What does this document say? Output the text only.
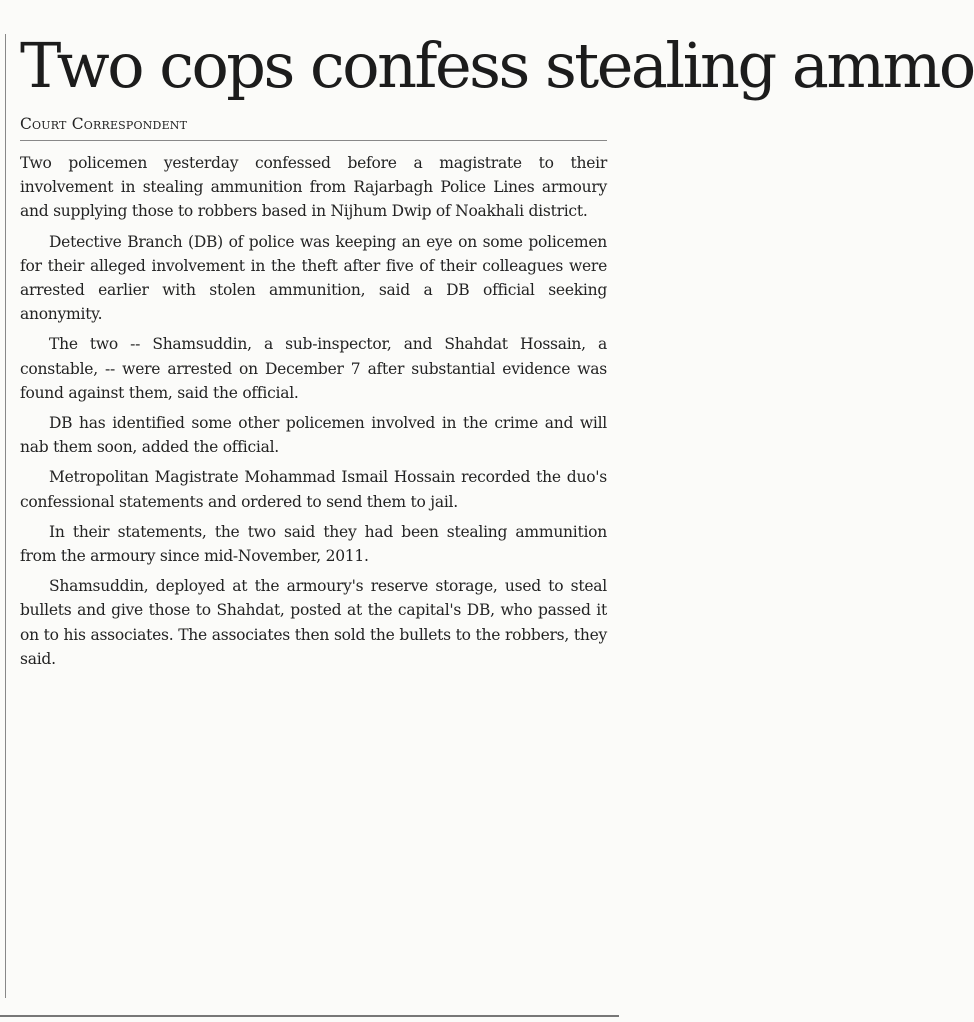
Two cops confess stealing ammo
Court Correspondent

Two policemen yesterday confessed before a magistrate to their involvement in stealing ammunition from Rajarbagh Police Lines armoury and supplying those to robbers based in Nijhum Dwip of Noakhali district.

Detective Branch (DB) of police was keeping an eye on some policemen for their alleged involvement in the theft after five of their colleagues were arrested earlier with stolen ammunition, said a DB official seeking anonymity.

The two -- Shamsuddin, a sub-inspector, and Shahdat Hossain, a constable, -- were arrested on December 7 after substantial evidence was found against them, said the official.

DB has identified some other policemen involved in the crime and will nab them soon, added the official.

Metropolitan Magistrate Mohammad Ismail Hossain recorded the duo's confessional statements and ordered to send them to jail.

In their statements, the two said they had been stealing ammunition from the armoury since mid-November, 2011.

Shamsuddin, deployed at the armoury's reserve storage, used to steal bullets and give those to Shahdat, posted at the capital's DB, who passed it on to his associates. The associates then sold the bullets to the robbers, they said.
